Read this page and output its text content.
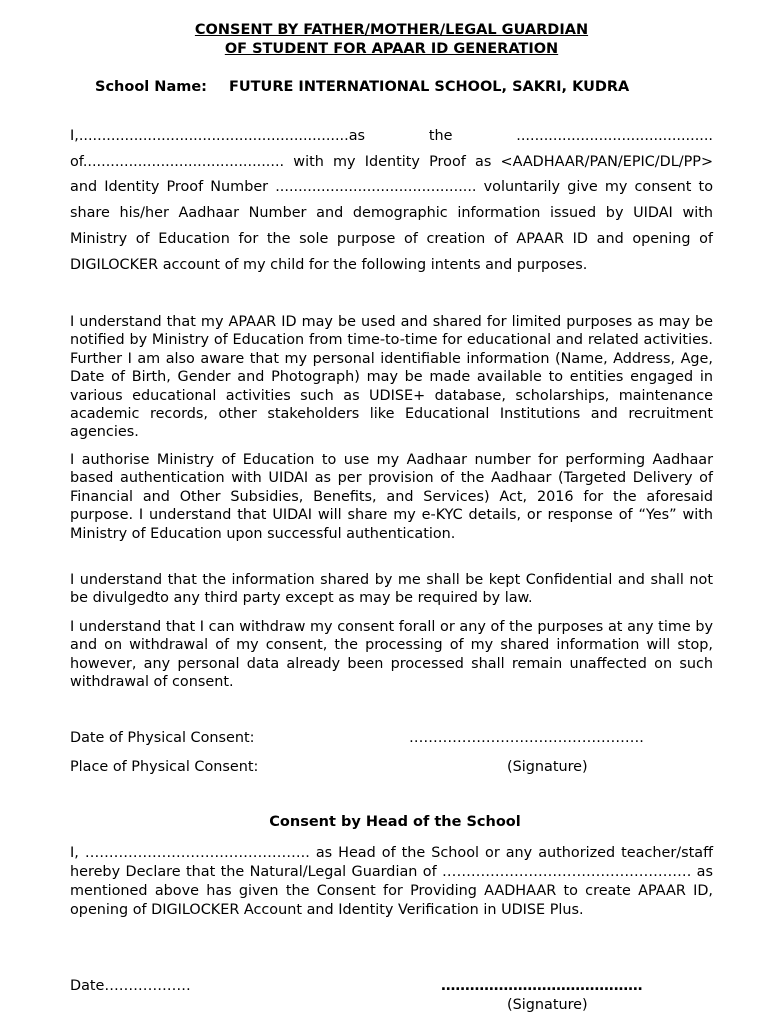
CONSENT BY FATHER/MOTHER/LEGAL GUARDIAN

OF STUDENT FOR APAAR ID GENERATION

School Name: FUTURE INTERNATIONAL SCHOOL, SAKRI, KUDRA

I,...........................................................as the ........................................... of............................................ with my Identity Proof as <AADHAAR/PAN/EPIC/DL/PP> and Identity Proof Number ............................................ voluntarily give my consent to share his/her Aadhaar Number and demographic information issued by UIDAI with Ministry of Education for the sole purpose of creation of APAAR ID and opening of DIGILOCKER account of my child for the following intents and purposes.

I understand that my APAAR ID may be used and shared for limited purposes as may be notified by Ministry of Education from time-to-time for educational and related activities. Further I am also aware that my personal identifiable information (Name, Address, Age, Date of Birth, Gender and Photograph) may be made available to entities engaged in various educational activities such as UDISE+ database, scholarships, maintenance academic records, other stakeholders like Educational Institutions and recruitment agencies.

I authorise Ministry of Education to use my Aadhaar number for performing Aadhaar based authentication with UIDAI as per provision of the Aadhaar (Targeted Delivery of Financial and Other Subsidies, Benefits, and Services) Act, 2016 for the aforesaid purpose. I understand that UIDAI will share my e-KYC details, or response of “Yes” with Ministry of Education upon successful authentication.

I understand that the information shared by me shall be kept Confidential and shall not be divulgedto any third party except as may be required by law.

I understand that I can withdraw my consent forall or any of the purposes at any time by and on withdrawal of my consent, the processing of my shared information will stop, however, any personal data already been processed shall remain unaffected on such withdrawal of consent.

Date of Physical Consent:	………………………………………….
Place of Physical Consent:	(Signature)
Consent by Head of the School

I, ……………………………………….. as Head of the School or any authorized teacher/staff hereby Declare that the Natural/Legal Guardian of ……………………………………………. as mentioned above has given the Consent for Providing AADHAAR to create APAAR ID, opening of DIGILOCKER Account and Identity Verification in UDISE Plus.

Date………………	……………………………………
(Signature)
